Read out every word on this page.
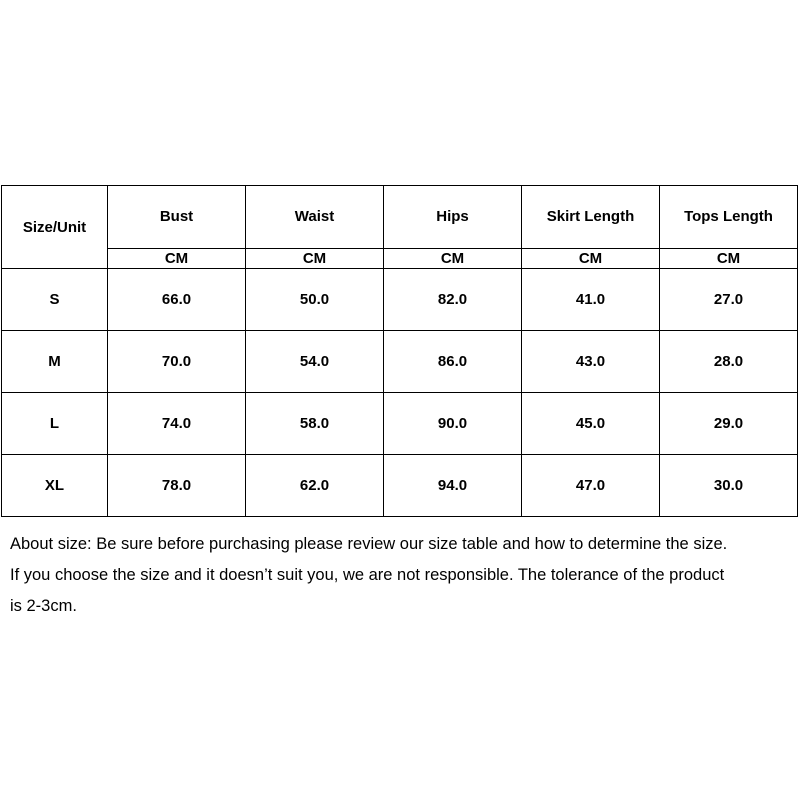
Size/Unit	Bust	Waist	Hips	Skirt Length	Tops Length
	CM	CM	CM	CM	CM
S	66.0	50.0	82.0	41.0	27.0
M	70.0	54.0	86.0	43.0	28.0
L	74.0	58.0	90.0	45.0	29.0
XL	78.0	62.0	94.0	47.0	30.0
About size: Be sure before purchasing please review our size table and how to determine the size.
If you choose the size and it doesn’t suit you, we are not responsible. The tolerance of the product
is 2-3cm.
